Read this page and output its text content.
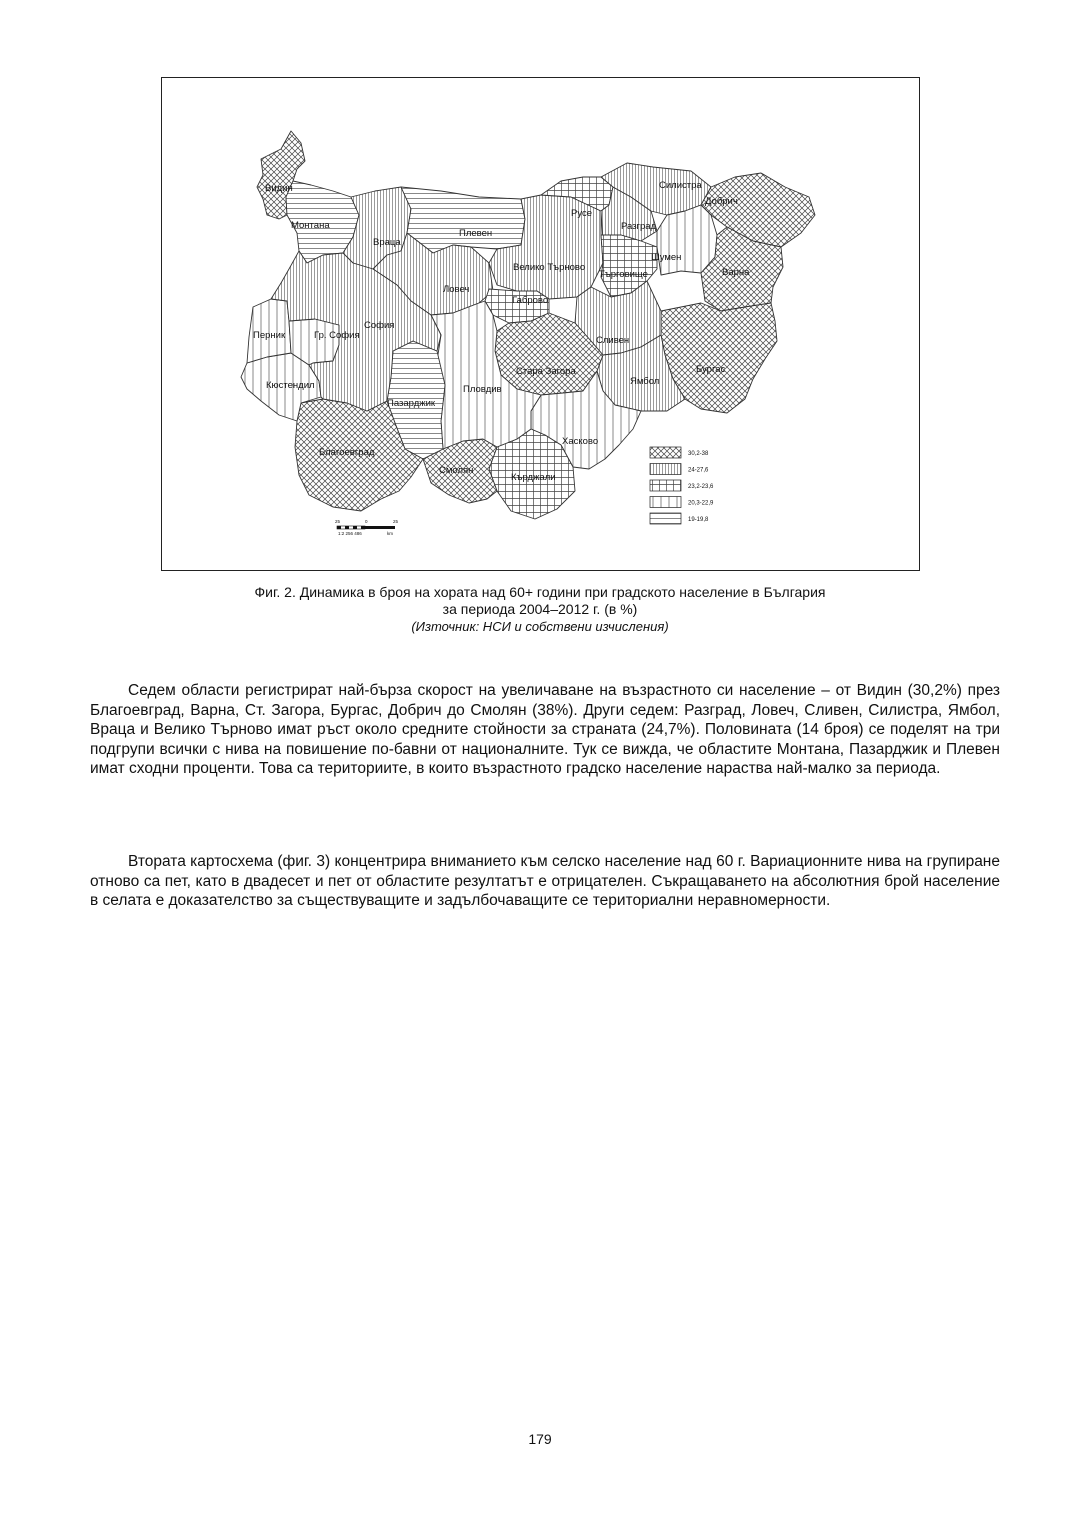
Видин
Монтана
Враца
Плевен
Ловеч
Велико Търново
Габрово
Русе
Разград
Силистра
Добрич
Търговище
Шумен
Варна
Бургас
Сливен
Ямбол
Стара Загора
Хасково
Кърджали
Смолян
Пловдив
Пазарджик
Благоевград
Кюстендил
Перник	Гр. София
София
30,2-38
24-27,6
23,2-23,6
20,3-22,9
19-19,8
25	0	25
1:2 256 486	km
Фиг. 2. Динамика в броя на хората над 60+ години при градското население в България
за периода 2004–2012 г. (в %)
(Източник: НСИ и собствени изчисления)

Седем области регистрират най-бърза скорост на увеличаване на възрастното си население – от Видин (30,2%) през Благоевград, Варна, Ст. Загора, Бургас, Добрич до Смолян (38%). Други седем: Разград, Ловеч, Сливен, Силистра, Ямбол, Враца и Велико Търново имат ръст около средните стойности за страната (24,7%). Половината (14 броя) се поделят на три подгрупи всички с нива на повишение по-бавни от националните. Тук се вижда, че областите Монтана, Пазарджик и Плевен имат сходни проценти. Това са териториите, в които възрастното градско население нараства най-малко за периода.

Втората картосхема (фиг. 3) концентрира вниманието към селско население над 60 г. Вариационните нива на групиране отново са пет, като в двадесет и пет от областите резултатът е отрицателен. Съкращаването на абсолютния брой население в селата е доказателство за съществуващите и задълбочаващите се териториални неравномерности.

179
